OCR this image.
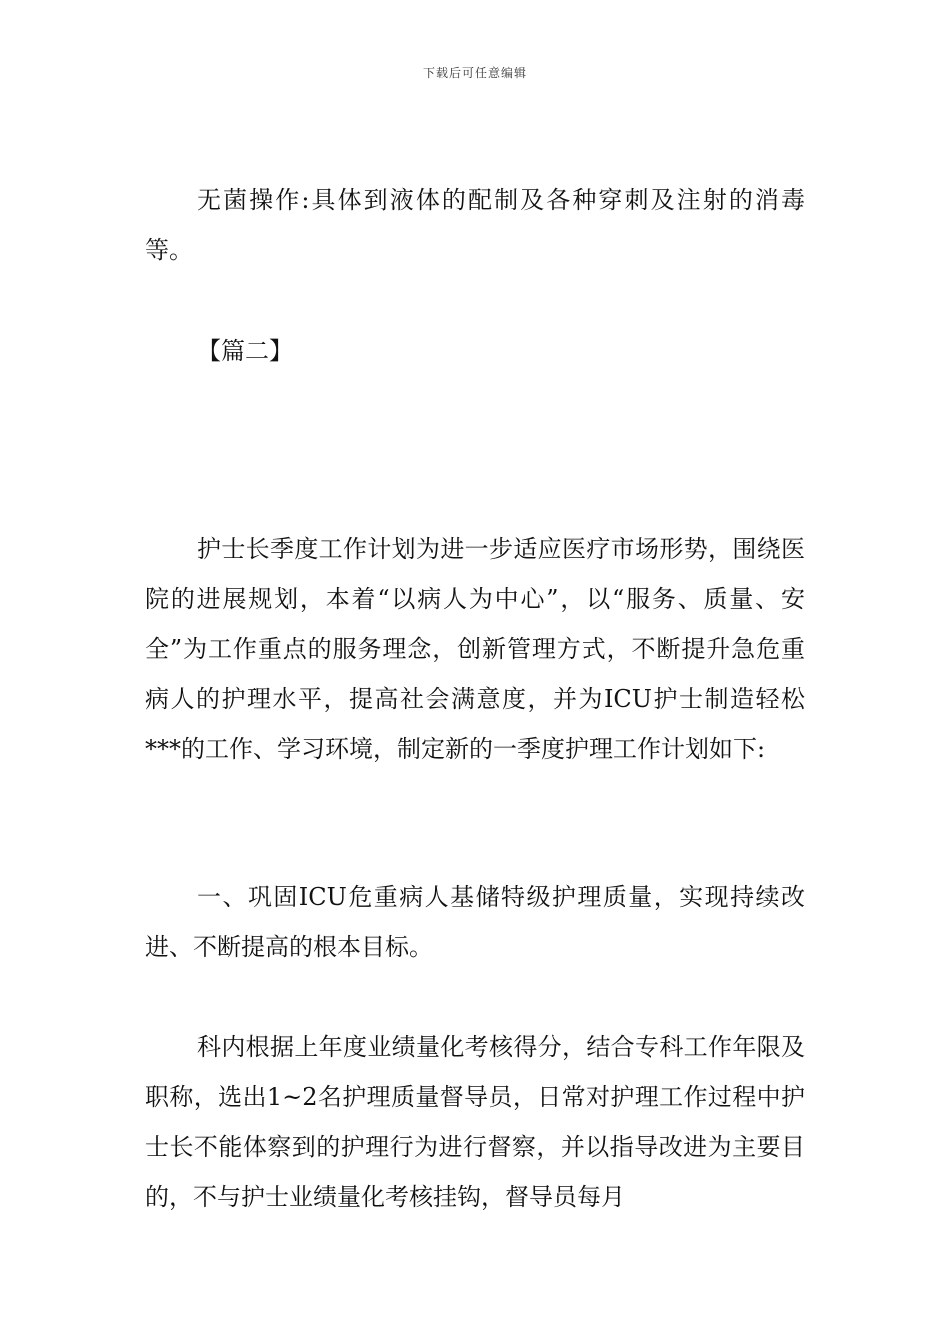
下载后可任意编辑

无菌操作:具体到液体的配制及各种穿刺及注射的消毒等。

【篇二】

护士长季度工作计划为进一步适应医疗市场形势，围绕医院的进展规划，本着“以病人为中心”，以“服务、质量、安全”为工作重点的服务理念，创新管理方式，不断提升急危重病人的护理水平，提高社会满意度，并为ICU护士制造轻松***的工作、学习环境，制定新的一季度护理工作计划如下:

一、巩固ICU危重病人基储特级护理质量，实现持续改进、不断提高的根本目标。

科内根据上年度业绩量化考核得分，结合专科工作年限及职称，选出1~2名护理质量督导员，日常对护理工作过程中护士长不能体察到的护理行为进行督察，并以指导改进为主要目的，不与护士业绩量化考核挂钩，督导员每月
